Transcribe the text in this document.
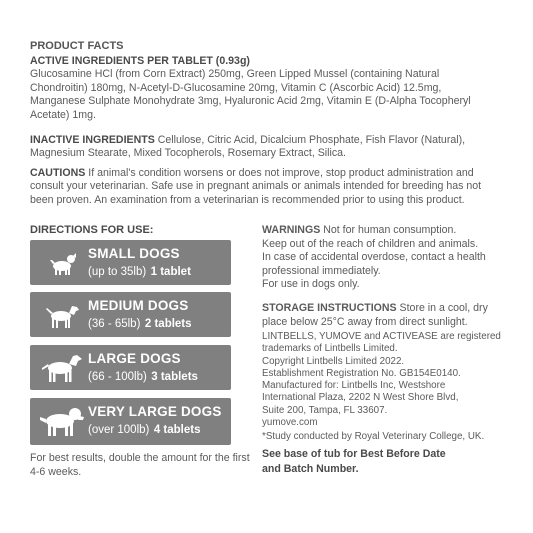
PRODUCT FACTS
ACTIVE INGREDIENTS PER TABLET (0.93g)
Glucosamine HCl (from Corn Extract) 250mg, Green Lipped Mussel (containing Natural
Chondroitin) 180mg, N-Acetyl-D-Glucosamine 20mg, Vitamin C (Ascorbic Acid) 12.5mg,
Manganese Sulphate Monohydrate 3mg, Hyaluronic Acid 2mg, Vitamin E (D-Alpha Tocopheryl
Acetate) 1mg.
INACTIVE INGREDIENTS Cellulose, Citric Acid, Dicalcium Phosphate, Fish Flavor (Natural),
Magnesium Stearate, Mixed Tocopherols, Rosemary Extract, Silica.
CAUTIONS If animal's condition worsens or does not improve, stop product administration and
consult your veterinarian. Safe use in pregnant animals or animals intended for breeding has not
been proven. An examination from a veterinarian is recommended prior to using this product.
DIRECTIONS FOR USE:
SMALL DOGS
(up to 35lb) 1 tablet
MEDIUM DOGS
(36 - 65lb) 2 tablets
LARGE DOGS
(66 - 100lb) 3 tablets
VERY LARGE DOGS
(over 100lb) 4 tablets
For best results, double the amount for the first 4-6 weeks.
WARNINGS Not for human consumption.
Keep out of the reach of children and animals.
In case of accidental overdose, contact a health
professional immediately.
For use in dogs only.
STORAGE INSTRUCTIONS Store in a cool, dry
place below 25°C away from direct sunlight.
LINTBELLS, YUMOVE and ACTIVEASE are registered
trademarks of Lintbells Limited.
Copyright Lintbells Limited 2022.
Establishment Registration No. GB154E0140.
Manufactured for: Lintbells Inc, Westshore
International Plaza, 2202 N West Shore Blvd,
Suite 200, Tampa, FL 33607.
yumove.com
*Study conducted by Royal Veterinary College, UK.
See base of tub for Best Before Date
and Batch Number.
